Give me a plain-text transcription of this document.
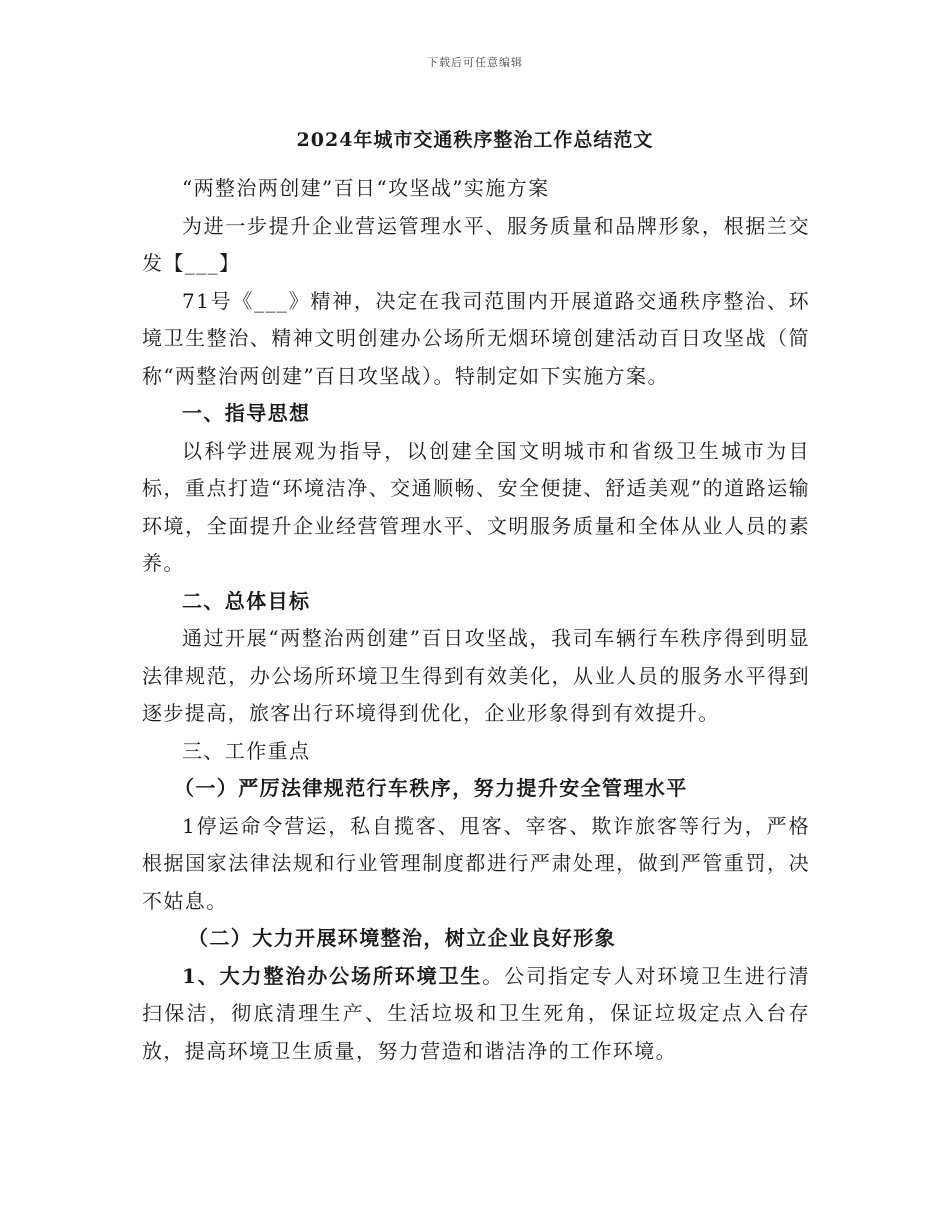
下载后可任意编辑
2024年城市交通秩序整治工作总结范文

“两整治两创建”百日“攻坚战”实施方案

为进一步提升企业营运管理水平、服务质量和品牌形象，根据兰交发【___】

71号《___》精神，决定在我司范围内开展道路交通秩序整治、环境卫生整治、精神文明创建办公场所无烟环境创建活动百日攻坚战（简称“两整治两创建”百日攻坚战）。特制定如下实施方案。

一、指导思想

以科学进展观为指导，以创建全国文明城市和省级卫生城市为目标，重点打造“环境洁净、交通顺畅、安全便捷、舒适美观”的道路运输环境，全面提升企业经营管理水平、文明服务质量和全体从业人员的素养。

二、总体目标

通过开展“两整治两创建”百日攻坚战，我司车辆行车秩序得到明显法律规范，办公场所环境卫生得到有效美化，从业人员的服务水平得到逐步提高，旅客出行环境得到优化，企业形象得到有效提升。

三、工作重点

（一）严厉法律规范行车秩序，努力提升安全管理水平

1停运命令营运，私自揽客、甩客、宰客、欺诈旅客等行为，严格根据国家法律法规和行业管理制度都进行严肃处理，做到严管重罚，决不姑息。

（二）大力开展环境整治，树立企业良好形象

1、大力整治办公场所环境卫生。公司指定专人对环境卫生进行清扫保洁，彻底清理生产、生活垃圾和卫生死角，保证垃圾定点入台存放，提高环境卫生质量，努力营造和谐洁净的工作环境。
